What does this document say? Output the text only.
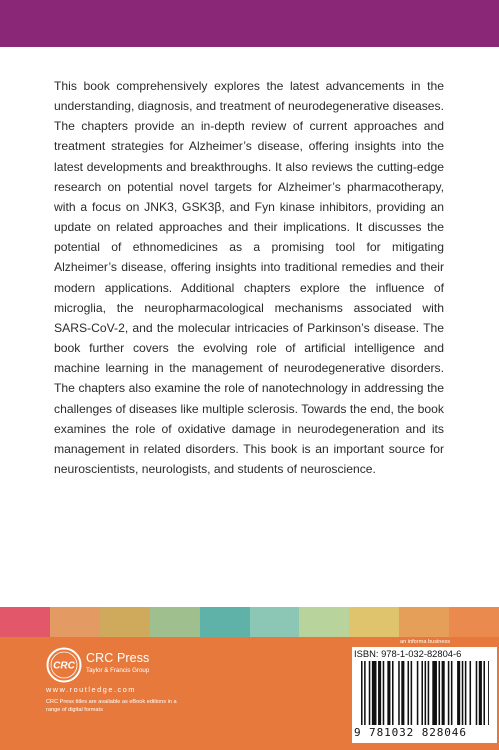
This book comprehensively explores the latest advancements in the understanding, diagnosis, and treatment of neurodegenerative diseases. The chapters provide an in-depth review of current approaches and treatment strategies for Alzheimer’s disease, offering insights into the latest developments and breakthroughs. It also reviews the cutting-edge research on potential novel targets for Alzheimer’s pharmacotherapy, with a focus on JNK3, GSK3β, and Fyn kinase inhibitors, providing an update on related approaches and their implications. It discusses the potential of ethnomedicines as a promising tool for mitigating Alzheimer’s disease, offering insights into traditional remedies and their modern applications. Additional chapters explore the influence of microglia, the neuropharmacological mechanisms associated with SARS-CoV-2, and the molecular intricacies of Parkinson’s disease. The book further covers the evolving role of artificial intelligence and machine learning in the management of neurodegenerative disorders. The chapters also examine the role of nanotechnology in addressing the challenges of diseases like multiple sclerosis. Towards the end, the book examines the role of oxidative damage in neurodegeneration and its management in related disorders. This book is an important source for neuroscientists, neurologists, and students of neuroscience.

CRC
CRC Press
Taylor & Francis Group
www.routledge.com
CRC Press titles are available as eBook editions in a range of digital formats
an informa business
ISBN: 978-1-032-82804-6
9 781032 828046
